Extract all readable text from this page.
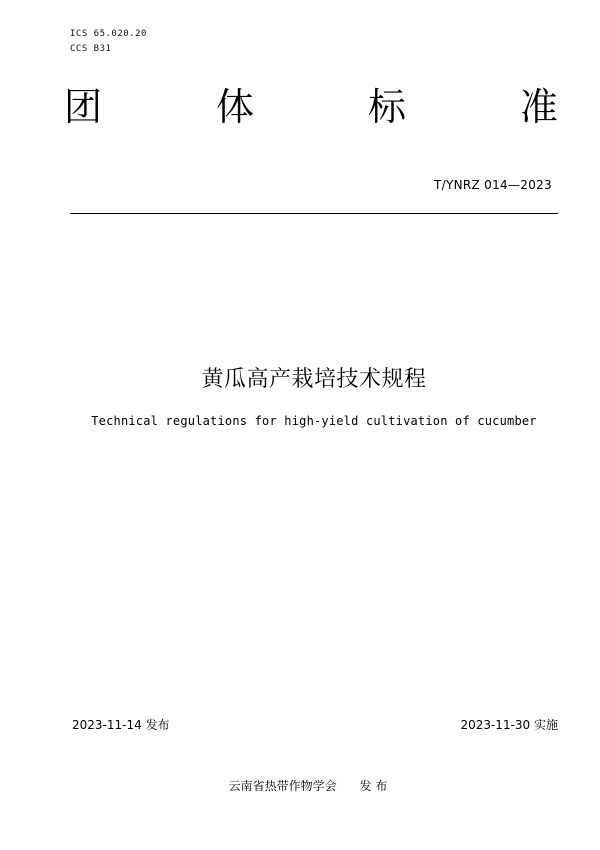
ICS 65.020.20
CCS B31
团	体	标	准
T/YNRZ 014—2023
黄瓜高产栽培技术规程
Technical regulations for high-yield cultivation of cucumber
2023-11-14 发布	2023-11-30 实施
云南省热带作物学会 发 布
